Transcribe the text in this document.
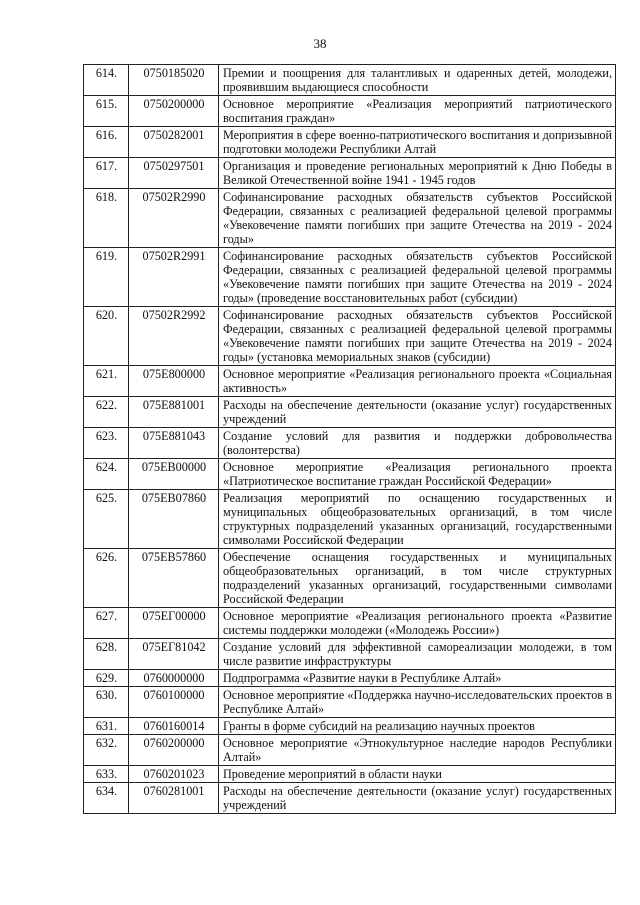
38
614.	0750185020	Премии и поощрения для талантливых и одаренных детей, молодежи, проявившим выдающиеся способности
615.	0750200000	Основное мероприятие «Реализация мероприятий патриотического воспитания граждан»
616.	0750282001	Мероприятия в сфере военно-патриотического воспитания и допризывной подготовки молодежи Республики Алтай
617.	0750297501	Организация и проведение региональных мероприятий к Дню Победы в Великой Отечественной войне 1941 - 1945 годов
618.	07502R2990	Софинансирование расходных обязательств субъектов Российской Федерации, связанных с реализацией федеральной целевой программы «Увековечение памяти погибших при защите Отечества на 2019 - 2024 годы»
619.	07502R2991	Софинансирование расходных обязательств субъектов Российской Федерации, связанных с реализацией федеральной целевой программы «Увековечение памяти погибших при защите Отечества на 2019 - 2024 годы» (проведение восстановительных работ (субсидии)
620.	07502R2992	Софинансирование расходных обязательств субъектов Российской Федерации, связанных с реализацией федеральной целевой программы «Увековечение памяти погибших при защите Отечества на 2019 - 2024 годы» (установка мемориальных знаков (субсидии)
621.	075E800000	Основное мероприятие «Реализация регионального проекта «Социальная активность»
622.	075E881001	Расходы на обеспечение деятельности (оказание услуг) государственных учреждений
623.	075E881043	Создание условий для развития и поддержки добровольчества (волонтерства)
624.	075EB00000	Основное мероприятие «Реализация регионального проекта «Патриотическое воспитание граждан Российской Федерации»
625.	075EB07860	Реализация мероприятий по оснащению государственных и муниципальных общеобразовательных организаций, в том числе структурных подразделений указанных организаций, государственными символами Российской Федерации
626.	075EB57860	Обеспечение оснащения государственных и муниципальных общеобразовательных организаций, в том числе структурных подразделений указанных организаций, государственными символами Российской Федерации
627.	075ЕГ00000	Основное мероприятие «Реализация регионального проекта «Развитие системы поддержки молодежи («Молодежь России»)
628.	075ЕГ81042	Создание условий для эффективной самореализации молодежи, в том числе развитие инфраструктуры
629.	0760000000	Подпрограмма «Развитие науки в Республике Алтай»
630.	0760100000	Основное мероприятие «Поддержка научно-исследовательских проектов в Республике Алтай»
631.	0760160014	Гранты в форме субсидий на реализацию научных проектов
632.	0760200000	Основное мероприятие «Этнокультурное наследие народов Республики Алтай»
633.	0760201023	Проведение мероприятий в области науки
634.	0760281001	Расходы на обеспечение деятельности (оказание услуг) государственных учреждений
